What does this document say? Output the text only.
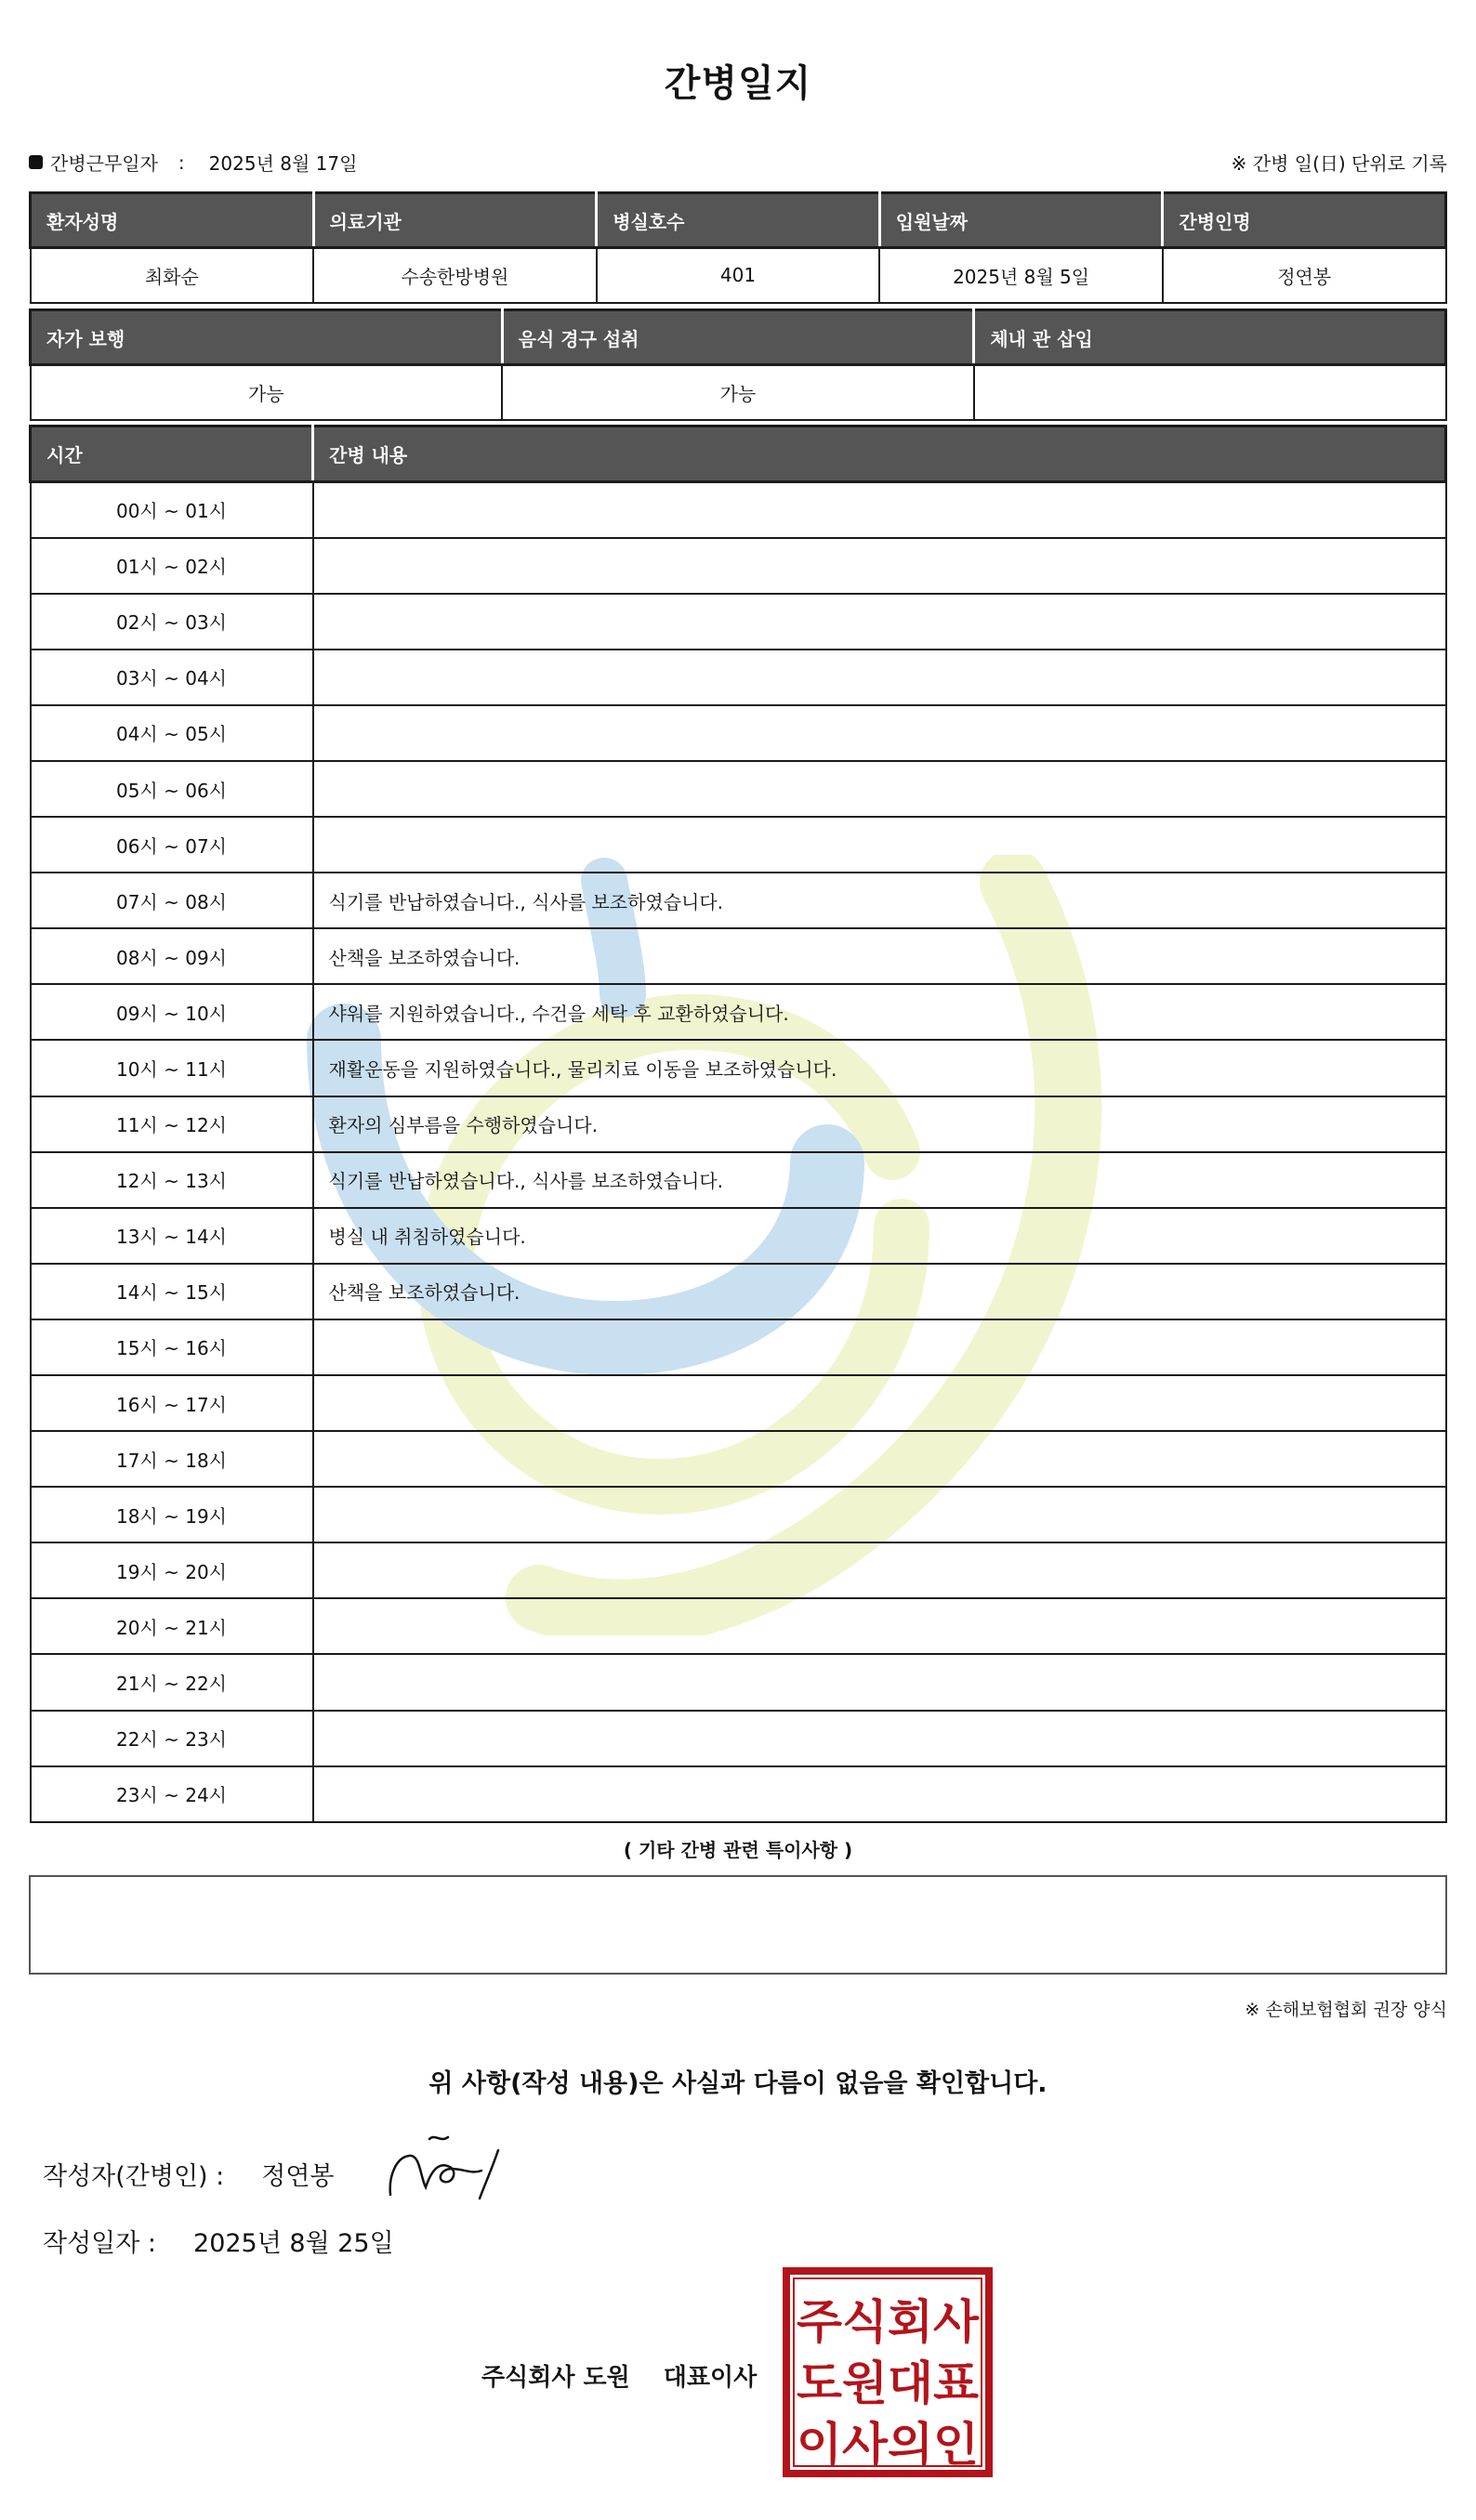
간병일지
간병근무일자 : 2025년 8월 17일	※ 간병 일(日) 단위로 기록
환자성명	의료기관	병실호수	입원날짜	간병인명
최화순	수송한방병원	401	2025년 8월 5일	정연봉
자가 보행	음식 경구 섭취	체내 관 삽입
가능	가능	
시간	간병 내용
00시 ~ 01시	
01시 ~ 02시	
02시 ~ 03시	
03시 ~ 04시	
04시 ~ 05시	
05시 ~ 06시	
06시 ~ 07시	
07시 ~ 08시	식기를 반납하였습니다., 식사를 보조하였습니다.
08시 ~ 09시	산책을 보조하였습니다.
09시 ~ 10시	샤워를 지원하였습니다., 수건을 세탁 후 교환하였습니다.
10시 ~ 11시	재활운동을 지원하였습니다., 물리치료 이동을 보조하였습니다.
11시 ~ 12시	환자의 심부름을 수행하였습니다.
12시 ~ 13시	식기를 반납하였습니다., 식사를 보조하였습니다.
13시 ~ 14시	병실 내 취침하였습니다.
14시 ~ 15시	산책을 보조하였습니다.
15시 ~ 16시	
16시 ~ 17시	
17시 ~ 18시	
18시 ~ 19시	
19시 ~ 20시	
20시 ~ 21시	
21시 ~ 22시	
22시 ~ 23시	
23시 ~ 24시	
( 기타 간병 관련 특이사항 )
※ 손해보험협회 권장 양식
위 사항(작성 내용)은 사실과 다름이 없음을 확인합니다.
작성자(간병인) : 정연봉
작성일자 : 2025년 8월 25일
주식회사 도원 대표이사
주식회사
도원대표
이사의인
